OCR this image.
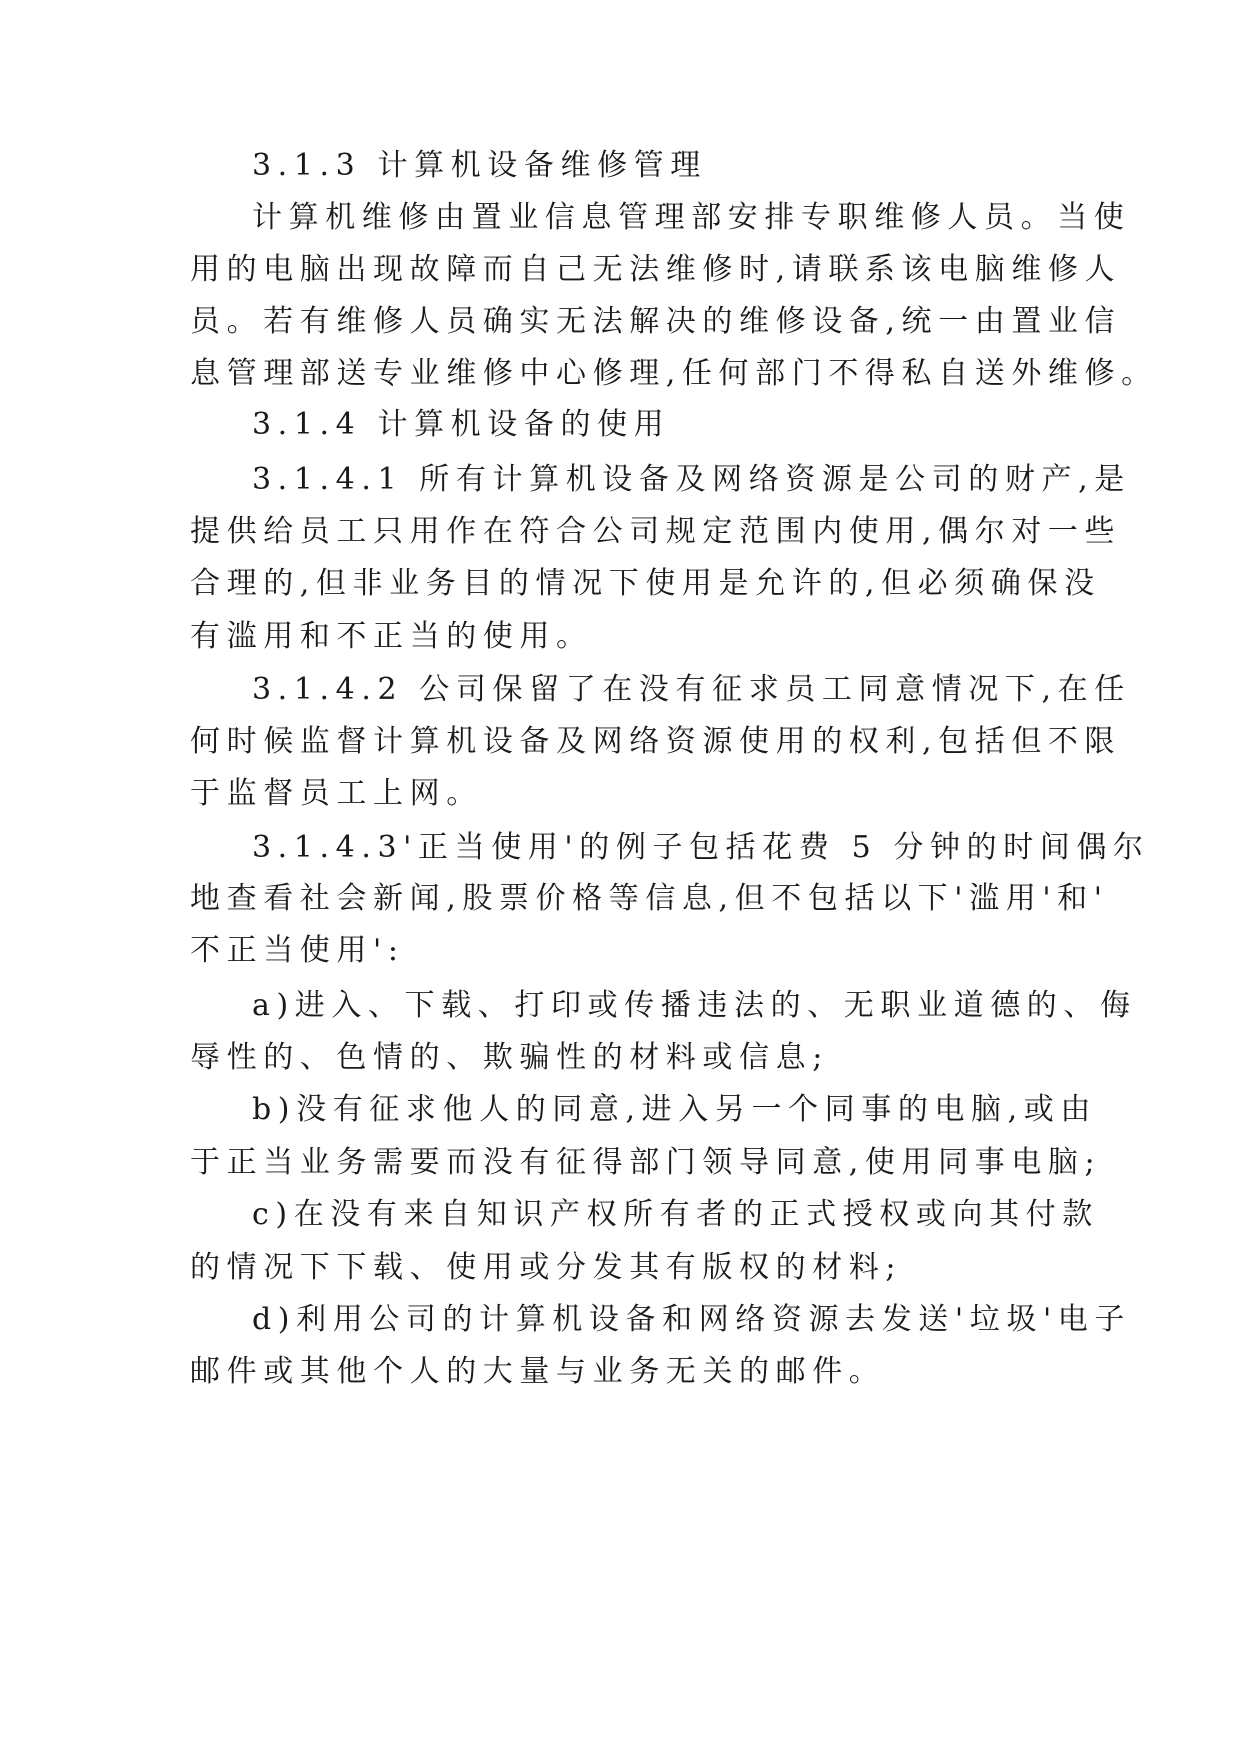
3.1.3 计算机设备维修管理
计算机维修由置业信息管理部安排专职维修人员。当使
用的电脑出现故障而自己无法维修时,请联系该电脑维修人
员。若有维修人员确实无法解决的维修设备,统一由置业信
息管理部送专业维修中心修理,任何部门不得私自送外维修。
3.1.4 计算机设备的使用
3.1.4.1 所有计算机设备及网络资源是公司的财产,是
提供给员工只用作在符合公司规定范围内使用,偶尔对一些
合理的,但非业务目的情况下使用是允许的,但必须确保没
有滥用和不正当的使用。
3.1.4.2 公司保留了在没有征求员工同意情况下,在任
何时候监督计算机设备及网络资源使用的权利,包括但不限
于监督员工上网。
3.1.4.3'正当使用'的例子包括花费 5 分钟的时间偶尔
地查看社会新闻,股票价格等信息,但不包括以下'滥用'和'
不正当使用':
a)进入、下载、打印或传播违法的、无职业道德的、侮
辱性的、色情的、欺骗性的材料或信息;
b)没有征求他人的同意,进入另一个同事的电脑,或由
于正当业务需要而没有征得部门领导同意,使用同事电脑;
c)在没有来自知识产权所有者的正式授权或向其付款
的情况下下载、使用或分发其有版权的材料;
d)利用公司的计算机设备和网络资源去发送'垃圾'电子
邮件或其他个人的大量与业务无关的邮件。
